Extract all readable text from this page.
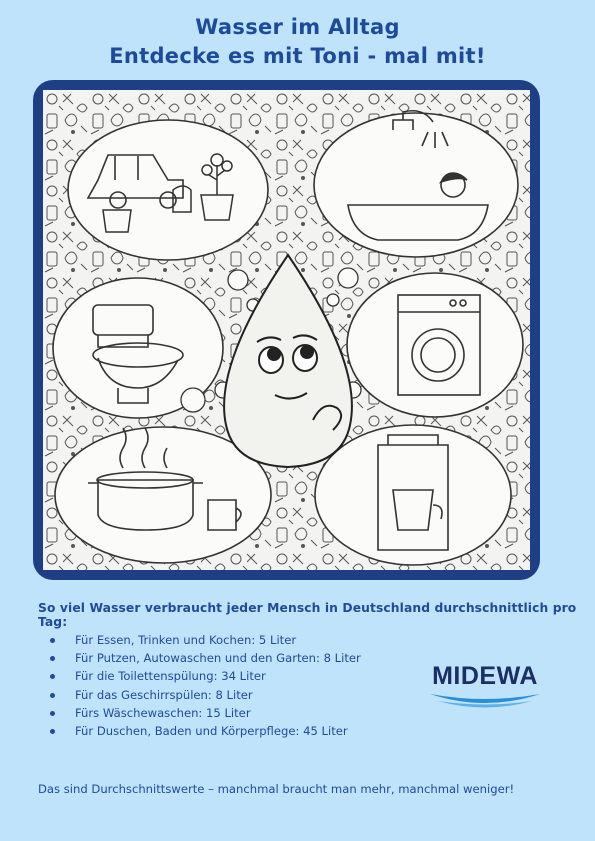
Wasser im Alltag
Entdecke es mit Toni - mal mit!
So viel Wasser verbraucht jeder Mensch in Deutschland durchschnittlich pro Tag:
Für Essen, Trinken und Kochen: 5 Liter
Für Putzen, Autowaschen und den Garten: 8 Liter
Für die Toilettenspülung: 34 Liter
Für das Geschirrspülen: 8 Liter
Fürs Wäschewaschen: 15 Liter
Für Duschen, Baden und Körperpflege: 45 Liter
MIDEWA
Das sind Durchschnittswerte – manchmal braucht man mehr, manchmal weniger!
